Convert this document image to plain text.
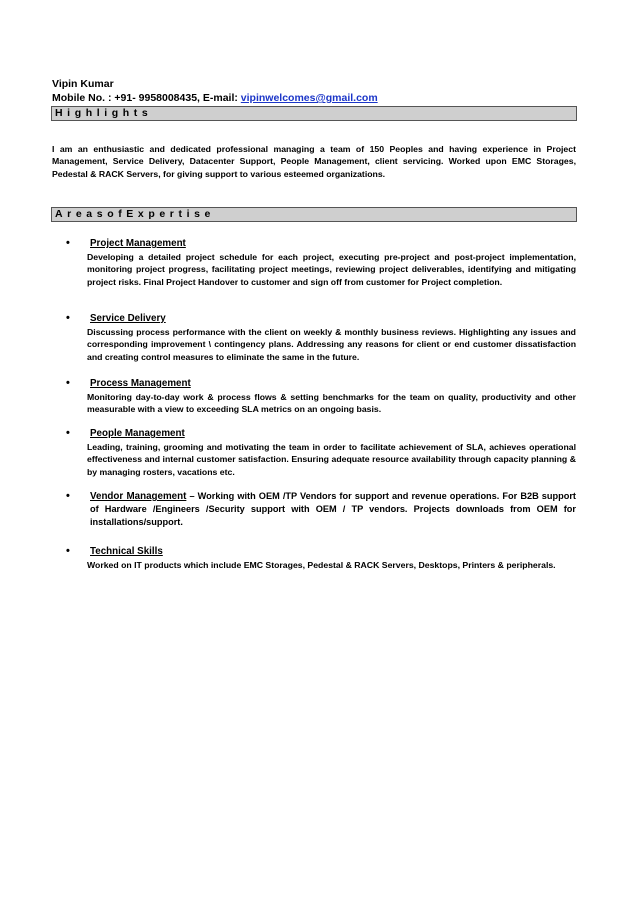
Vipin Kumar
Mobile No. : +91- 9958008435, E-mail: vipinwelcomes@gmail.com
Highlights
I am an enthusiastic and dedicated professional managing a team of 150 Peoples and having experience in Project Management, Service Delivery, Datacenter Support, People Management, client servicing. Worked upon EMC Storages, Pedestal & RACK Servers, for giving support to various esteemed organizations.
AreasofExpertise
• Project Management
Developing a detailed project schedule for each project, executing pre-project and post-project implementation, monitoring project progress, facilitating project meetings, reviewing project deliverables, identifying and mitigating project risks. Final Project Handover to customer and sign off from customer for Project completion.
• Service Delivery
Discussing process performance with the client on weekly & monthly business reviews. Highlighting any issues and corresponding improvement \ contingency plans. Addressing any reasons for client or end customer dissatisfaction and creating control measures to eliminate the same in the future.
• Process Management
Monitoring day-to-day work & process flows & setting benchmarks for the team on quality, productivity and other measurable with a view to exceeding SLA metrics on an ongoing basis.
• People Management
Leading, training, grooming and motivating the team in order to facilitate achievement of SLA, achieves operational effectiveness and internal customer satisfaction. Ensuring adequate resource availability through capacity planning & by managing rosters, vacations etc.
• Vendor Management – Working with OEM /TP Vendors for support and revenue operations. For B2B support of Hardware /Engineers /Security support with OEM / TP vendors. Projects downloads from OEM for installations/support.
• Technical Skills
Worked on IT products which include EMC Storages, Pedestal & RACK Servers, Desktops, Printers & peripherals.
